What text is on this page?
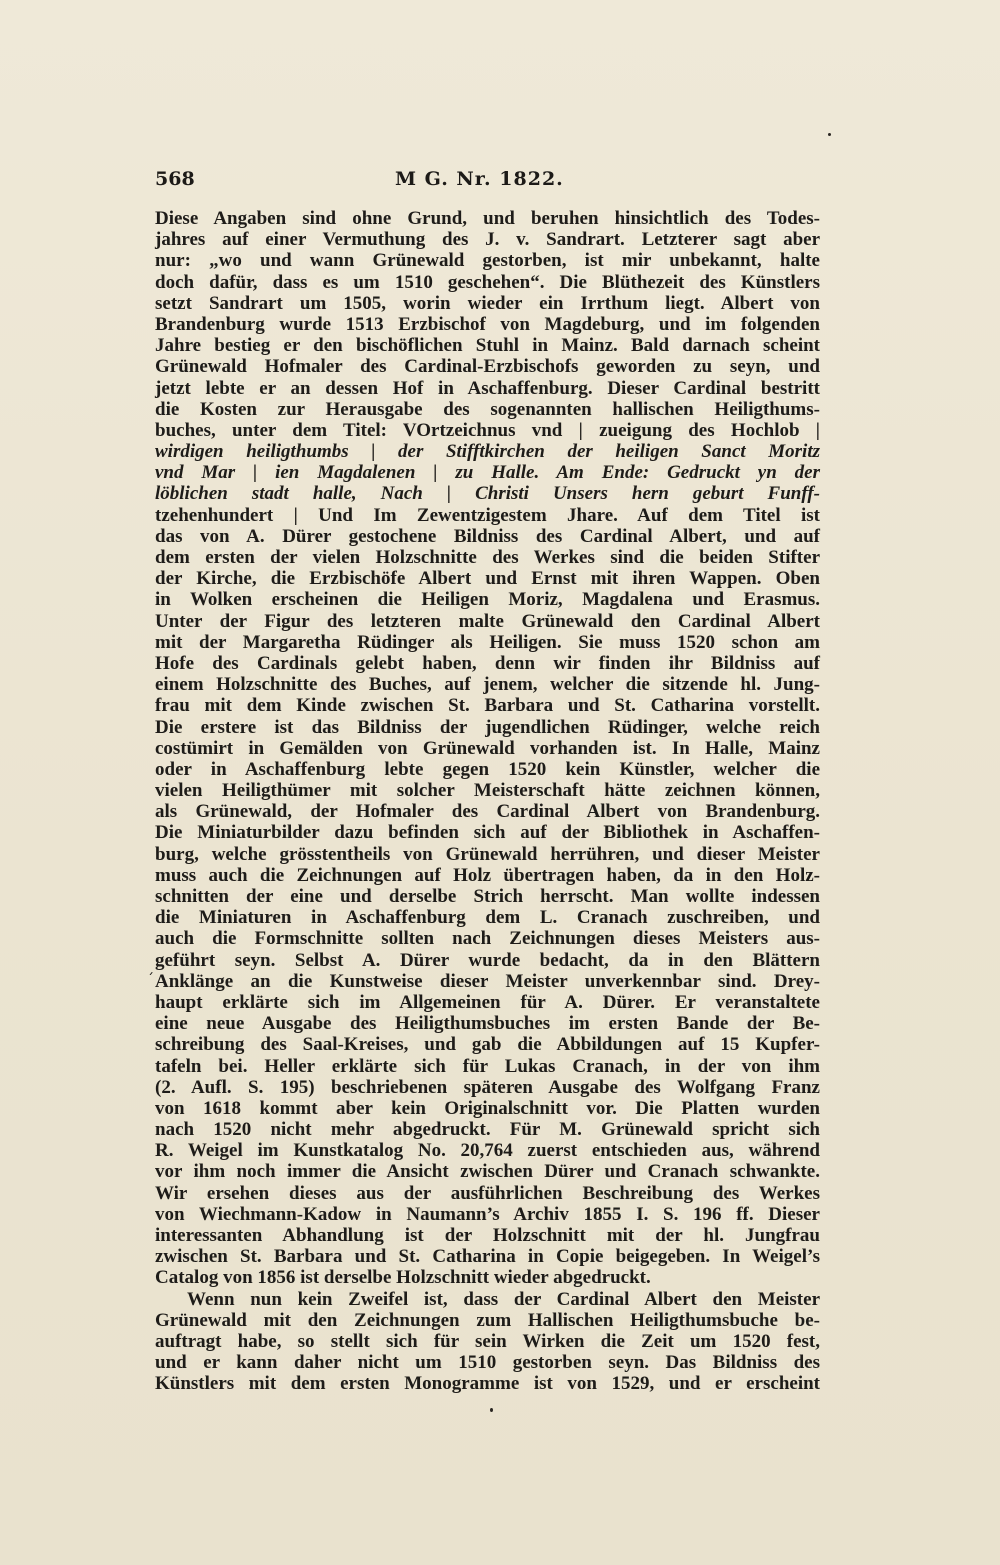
568	M G. Nr. 1822.
Diese Angaben sind ohne Grund, und beruhen hinsichtlich des Todes-
jahres auf einer Vermuthung des J. v. Sandrart. Letzterer sagt aber
nur: „wo und wann Grünewald gestorben, ist mir unbekannt, halte
doch dafür, dass es um 1510 geschehen“. Die Blüthezeit des Künstlers
setzt Sandrart um 1505, worin wieder ein Irrthum liegt. Albert von
Brandenburg wurde 1513 Erzbischof von Magdeburg, und im folgenden
Jahre bestieg er den bischöflichen Stuhl in Mainz. Bald darnach scheint
Grünewald Hofmaler des Cardinal-Erzbischofs geworden zu seyn, und
jetzt lebte er an dessen Hof in Aschaffenburg. Dieser Cardinal bestritt
die Kosten zur Herausgabe des sogenannten hallischen Heiligthums-
buches, unter dem Titel: VOrtzeichnus vnd | zueigung des Hochlob |
wirdigen heiligthumbs | der Stifftkirchen der heiligen Sanct Moritz
vnd Mar | ien Magdalenen | zu Halle. Am Ende: Gedruckt yn der
löblichen stadt halle, Nach | Christi Unsers hern geburt Funff-
tzehenhundert | Und Im Zewentzigestem Jhare. Auf dem Titel ist
das von A. Dürer gestochene Bildniss des Cardinal Albert, und auf
dem ersten der vielen Holzschnitte des Werkes sind die beiden Stifter
der Kirche, die Erzbischöfe Albert und Ernst mit ihren Wappen. Oben
in Wolken erscheinen die Heiligen Moriz, Magdalena und Erasmus.
Unter der Figur des letzteren malte Grünewald den Cardinal Albert
mit der Margaretha Rüdinger als Heiligen. Sie muss 1520 schon am
Hofe des Cardinals gelebt haben, denn wir finden ihr Bildniss auf
einem Holzschnitte des Buches, auf jenem, welcher die sitzende hl. Jung-
frau mit dem Kinde zwischen St. Barbara und St. Catharina vorstellt.
Die erstere ist das Bildniss der jugendlichen Rüdinger, welche reich
costümirt in Gemälden von Grünewald vorhanden ist. In Halle, Mainz
oder in Aschaffenburg lebte gegen 1520 kein Künstler, welcher die
vielen Heiligthümer mit solcher Meisterschaft hätte zeichnen können,
als Grünewald, der Hofmaler des Cardinal Albert von Brandenburg.
Die Miniaturbilder dazu befinden sich auf der Bibliothek in Aschaffen-
burg, welche grösstentheils von Grünewald herrühren, und dieser Meister
muss auch die Zeichnungen auf Holz übertragen haben, da in den Holz-
schnitten der eine und derselbe Strich herrscht. Man wollte indessen
die Miniaturen in Aschaffenburg dem L. Cranach zuschreiben, und
auch die Formschnitte sollten nach Zeichnungen dieses Meisters aus-
geführt seyn. Selbst A. Dürer wurde bedacht, da in den Blättern
Anklänge an die Kunstweise dieser Meister unverkennbar sind. Drey-
haupt erklärte sich im Allgemeinen für A. Dürer. Er veranstaltete
eine neue Ausgabe des Heiligthumsbuches im ersten Bande der Be-
schreibung des Saal-Kreises, und gab die Abbildungen auf 15 Kupfer-
tafeln bei. Heller erklärte sich für Lukas Cranach, in der von ihm
(2. Aufl. S. 195) beschriebenen späteren Ausgabe des Wolfgang Franz
von 1618 kommt aber kein Originalschnitt vor. Die Platten wurden
nach 1520 nicht mehr abgedruckt. Für M. Grünewald spricht sich
R. Weigel im Kunstkatalog No. 20,764 zuerst entschieden aus, während
vor ihm noch immer die Ansicht zwischen Dürer und Cranach schwankte.
Wir ersehen dieses aus der ausführlichen Beschreibung des Werkes
von Wiechmann-Kadow in Naumann’s Archiv 1855 I. S. 196 ff. Dieser
interessanten Abhandlung ist der Holzschnitt mit der hl. Jungfrau
zwischen St. Barbara und St. Catharina in Copie beigegeben. In Weigel’s
Catalog von 1856 ist derselbe Holzschnitt wieder abgedruckt.
Wenn nun kein Zweifel ist, dass der Cardinal Albert den Meister
Grünewald mit den Zeichnungen zum Hallischen Heiligthumsbuche be-
auftragt habe, so stellt sich für sein Wirken die Zeit um 1520 fest,
und er kann daher nicht um 1510 gestorben seyn. Das Bildniss des
Künstlers mit dem ersten Monogramme ist von 1529, und er erscheint
ˊ
